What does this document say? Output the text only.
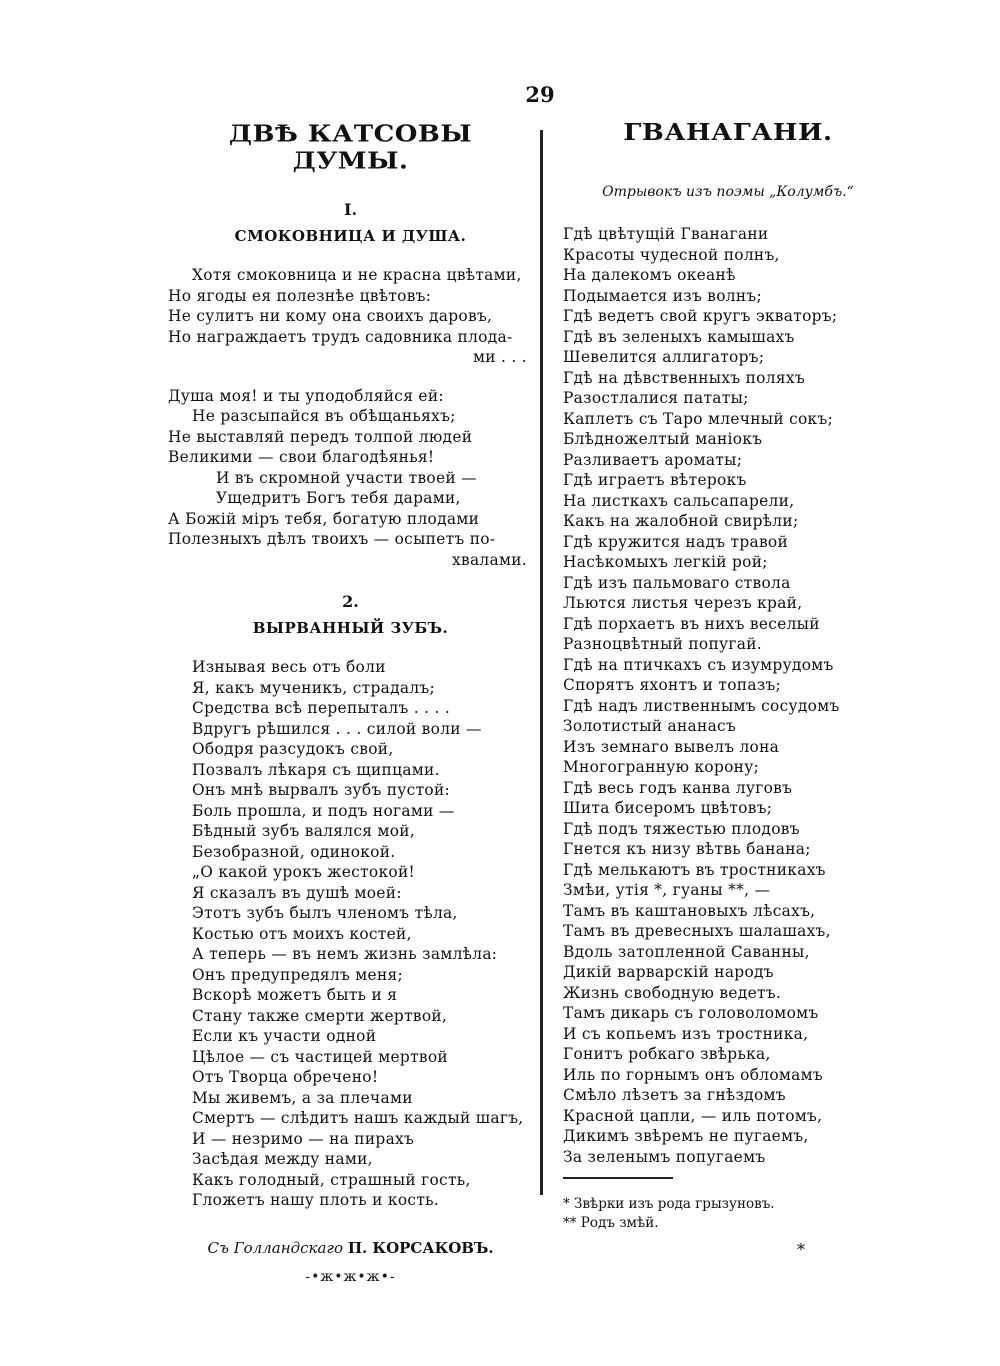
29
ДВѢ КАТСОВЫ ДУМЫ.
I.
СМОКОВНИЦА И ДУША.
Хотя смоковница и не красна цвѣтами,
Но ягоды ея полезнѣе цвѣтовъ:
Не сулитъ ни кому она своихъ даровъ,
Но награждаетъ трудъ садовника плода-
ми . . .
Душа моя! и ты уподобляйся ей:
Не разсыпайся въ обѣщаньяхъ;
Не выставляй передъ толпой людей
Великими — свои благодѣянья!
И въ скромной участи твоей —
Ущедритъ Богъ тебя дарами,
А Божій міръ тебя, богатую плодами
Полезныхъ дѣлъ твоихъ — осыпетъ по-
хвалами.
2.
ВЫРВАННЫЙ ЗУБЪ.
Изнывая весь отъ боли
Я, какъ мученикъ, страдалъ;
Средства всѣ перепыталъ . . . .
Вдругъ рѣшился . . . силой воли —
Ободря разсудокъ свой,
Позвалъ лѣкаря съ щипцами.
Онъ мнѣ вырвалъ зубъ пустой:
Боль прошла, и подъ ногами —
Бѣдный зубъ валялся мой,
Безобразной, одинокой.
„О какой урокъ жестокой!
Я сказалъ въ душѣ моей:
Этотъ зубъ былъ членомъ тѣла,
Костью отъ моихъ костей,
А теперь — въ немъ жизнь замлѣла:
Онъ предупредялъ меня;
Вскорѣ можетъ быть и я
Стану также смерти жертвой,
Если къ участи одной
Цѣлое — съ частицей мертвой
Отъ Творца обречено!
Мы живемъ, а за плечами
Смертъ — слѣдитъ нашъ каждый шагъ,
И — незримо — на пирахъ
Засѣдая между нами,
Какъ голодный, страшный гость,
Гложетъ нашу плоть и кость.
Съ Голландскаго П. КОРСАКОВЪ.
-•ж•ж•ж•-
ГВАНАГАНИ.
Отрывокъ изъ поэмы „Колумбъ.“
Гдѣ цвѣтущій Гванагани
Красоты чудесной полнъ,
На далекомъ океанѣ
Подымается изъ волнъ;
Гдѣ ведетъ свой кругъ экваторъ;
Гдѣ въ зеленыхъ камышахъ
Шевелится аллигаторъ;
Гдѣ на дѣвственныхъ поляхъ
Разостлалися пататы;
Каплетъ съ Таро млечный сокъ;
Блѣдножелтый маніокъ
Разливаетъ ароматы;
Гдѣ играетъ вѣтерокъ
На листкахъ сальсапарели,
Какъ на жалобной свирѣли;
Гдѣ кружится надъ травой
Насѣкомыхъ легкій рой;
Гдѣ изъ пальмоваго ствола
Льются листья черезъ край,
Гдѣ порхаетъ въ нихъ веселый
Разноцвѣтный попугай.
Гдѣ на птичкахъ съ изумрудомъ
Спорятъ яхонтъ и топазъ;
Гдѣ надъ лиственнымъ сосудомъ
Золотистый ананасъ
Изъ земнаго вывелъ лона
Многогранную корону;
Гдѣ весь годъ канва луговъ
Шита бисеромъ цвѣтовъ;
Гдѣ подъ тяжестью плодовъ
Гнется къ низу вѣтвь банана;
Гдѣ мелькаютъ въ тростникахъ
Змѣи, утія *, гуаны **, —
Тамъ въ каштановыхъ лѣсахъ,
Тамъ въ древесныхъ шалашахъ,
Вдоль затопленной Саванны,
Дикій варварскій народъ
Жизнь свободную ведетъ.
Тамъ дикарь съ головоломомъ
И съ копьемъ изъ тростника,
Гонитъ робкаго звѣрька,
Иль по горнымъ онъ обломамъ
Смѣло лѣзетъ за гнѣздомъ
Красной цапли, — иль потомъ,
Дикимъ звѣремъ не пугаемъ,
За зеленымъ попугаемъ
* Звѣрки изъ рода грызуновъ.
** Родъ змѣй.
*
